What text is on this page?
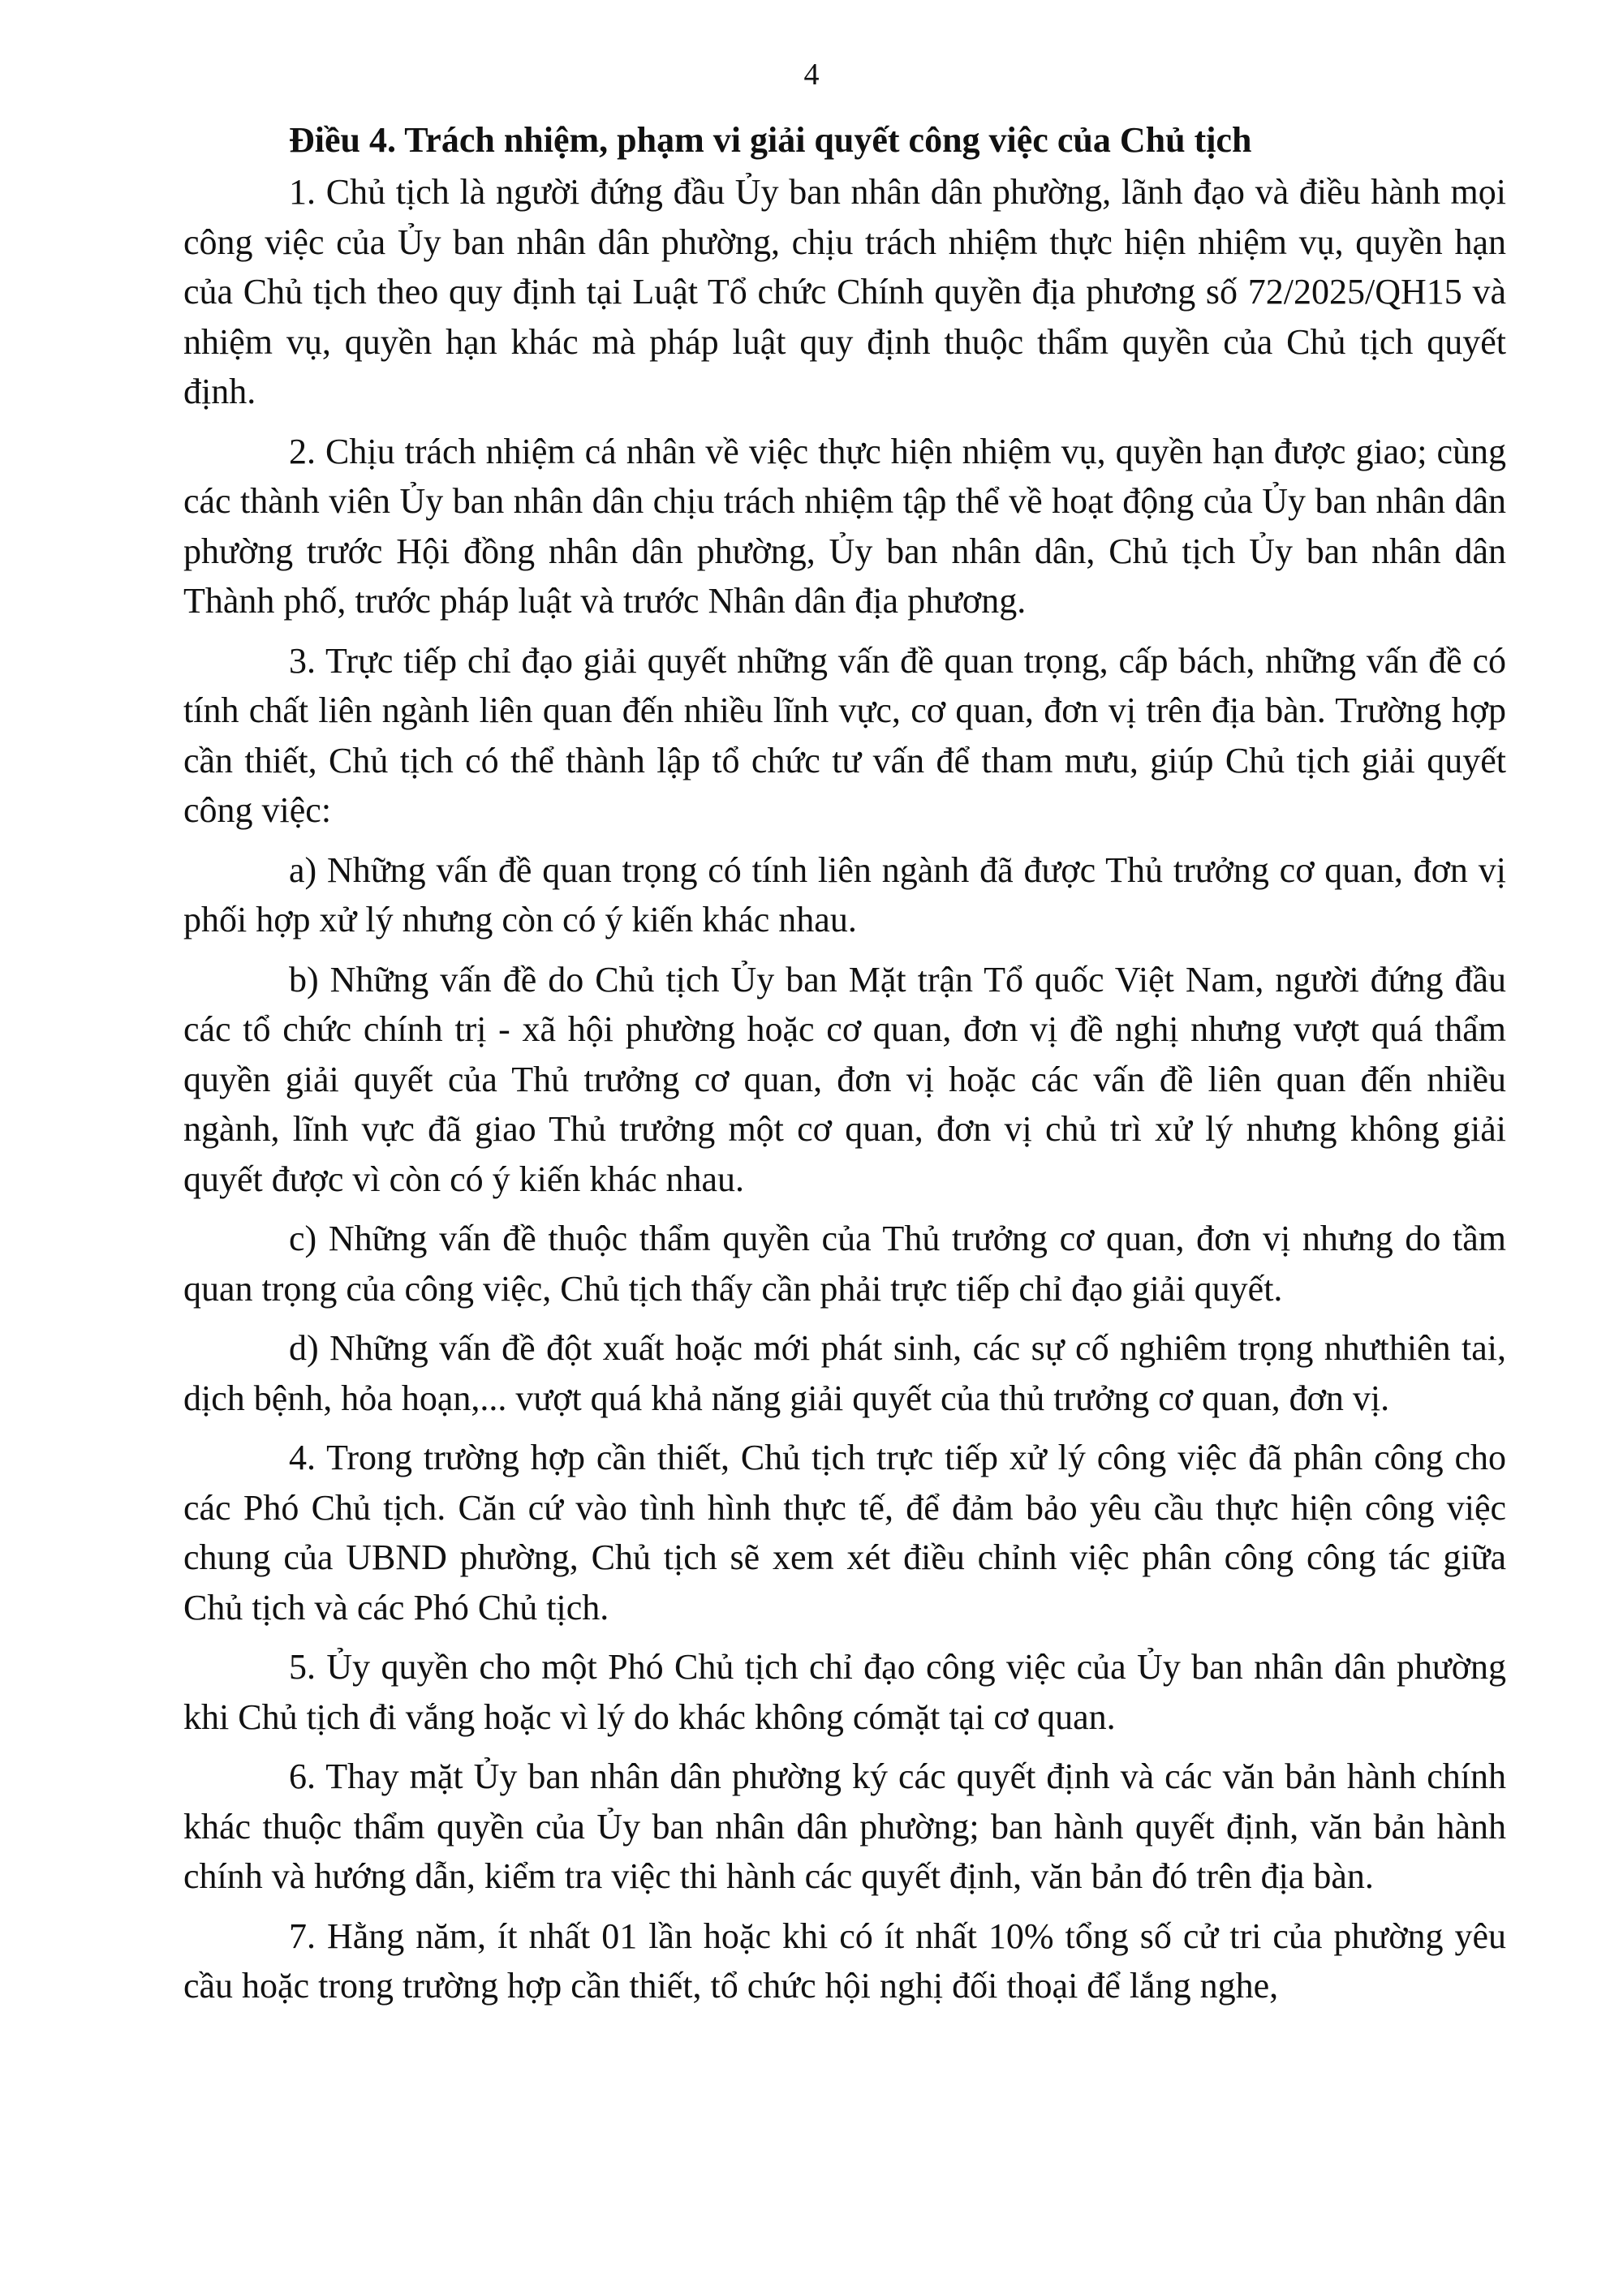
4

Điều 4. Trách nhiệm, phạm vi giải quyết công việc của Chủ tịch

1. Chủ tịch là người đứng đầu Ủy ban nhân dân phường, lãnh đạo và điều hành mọi công việc của Ủy ban nhân dân phường, chịu trách nhiệm thực hiện nhiệm vụ, quyền hạn của Chủ tịch theo quy định tại Luật Tổ chức Chính quyền địa phương số 72/2025/QH15 và nhiệm vụ, quyền hạn khác mà pháp luật quy định thuộc thẩm quyền của Chủ tịch quyết định.

2. Chịu trách nhiệm cá nhân về việc thực hiện nhiệm vụ, quyền hạn được giao; cùng các thành viên Ủy ban nhân dân chịu trách nhiệm tập thể về hoạt động của Ủy ban nhân dân phường trước Hội đồng nhân dân phường, Ủy ban nhân dân, Chủ tịch Ủy ban nhân dân Thành phố, trước pháp luật và trước Nhân dân địa phương.

3. Trực tiếp chỉ đạo giải quyết những vấn đề quan trọng, cấp bách, những vấn đề có tính chất liên ngành liên quan đến nhiều lĩnh vực, cơ quan, đơn vị trên địa bàn. Trường hợp cần thiết, Chủ tịch có thể thành lập tổ chức tư vấn để tham mưu, giúp Chủ tịch giải quyết công việc:

a) Những vấn đề quan trọng có tính liên ngành đã được Thủ trưởng cơ quan, đơn vị phối hợp xử lý nhưng còn có ý kiến khác nhau.

b) Những vấn đề do Chủ tịch Ủy ban Mặt trận Tổ quốc Việt Nam, người đứng đầu các tổ chức chính trị - xã hội phường hoặc cơ quan, đơn vị đề nghị nhưng vượt quá thẩm quyền giải quyết của Thủ trưởng cơ quan, đơn vị hoặc các vấn đề liên quan đến nhiều ngành, lĩnh vực đã giao Thủ trưởng một cơ quan, đơn vị chủ trì xử lý nhưng không giải quyết được vì còn có ý kiến khác nhau.

c) Những vấn đề thuộc thẩm quyền của Thủ trưởng cơ quan, đơn vị nhưng do tầm quan trọng của công việc, Chủ tịch thấy cần phải trực tiếp chỉ đạo giải quyết.

d) Những vấn đề đột xuất hoặc mới phát sinh, các sự cố nghiêm trọng nhưthiên tai, dịch bệnh, hỏa hoạn,... vượt quá khả năng giải quyết của thủ trưởng cơ quan, đơn vị.

4. Trong trường hợp cần thiết, Chủ tịch trực tiếp xử lý công việc đã phân công cho các Phó Chủ tịch. Căn cứ vào tình hình thực tế, để đảm bảo yêu cầu thực hiện công việc chung của UBND phường, Chủ tịch sẽ xem xét điều chỉnh việc phân công công tác giữa Chủ tịch và các Phó Chủ tịch.

5. Ủy quyền cho một Phó Chủ tịch chỉ đạo công việc của Ủy ban nhân dân phường khi Chủ tịch đi vắng hoặc vì lý do khác không cómặt tại cơ quan.

6. Thay mặt Ủy ban nhân dân phường ký các quyết định và các văn bản hành chính khác thuộc thẩm quyền của Ủy ban nhân dân phường; ban hành quyết định, văn bản hành chính và hướng dẫn, kiểm tra việc thi hành các quyết định, văn bản đó trên địa bàn.

7. Hằng năm, ít nhất 01 lần hoặc khi có ít nhất 10% tổng số cử tri của phường yêu cầu hoặc trong trường hợp cần thiết, tổ chức hội nghị đối thoại để lắng nghe,
